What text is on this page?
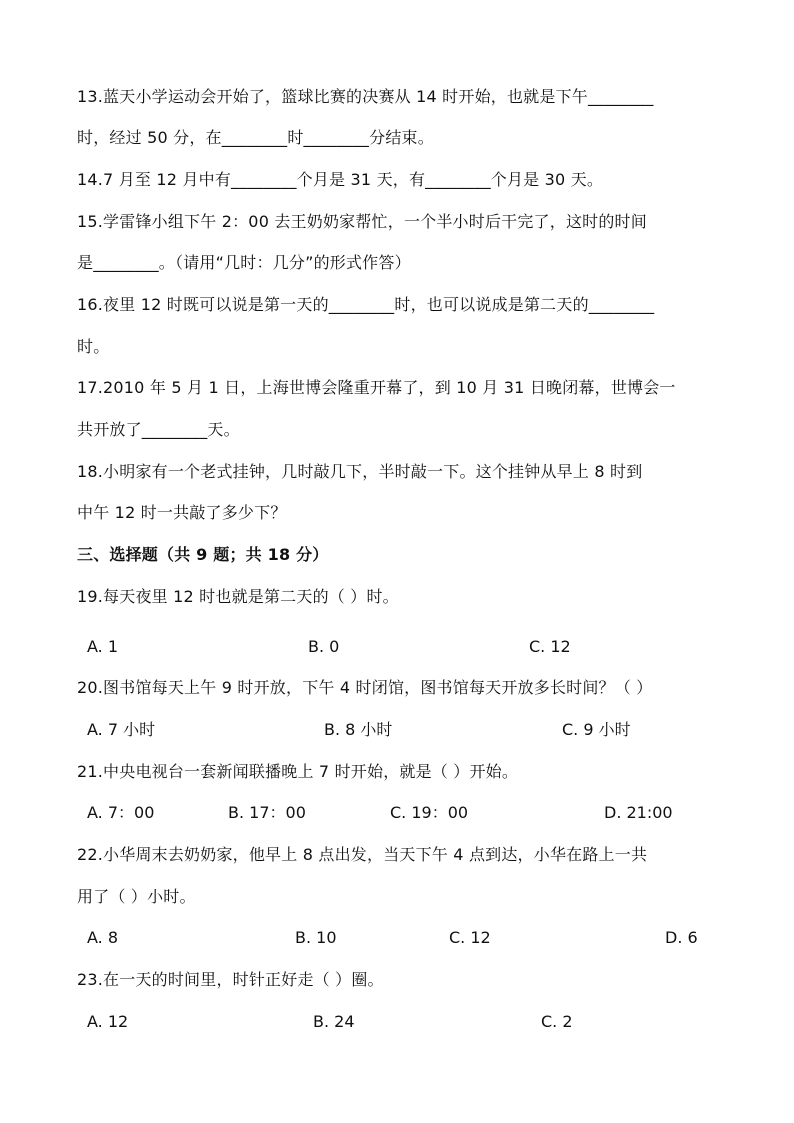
13.蓝天小学运动会开始了，篮球比赛的决赛从 14 时开始，也就是下午________
时，经过 50 分，在________时________分结束。
14.7 月至 12 月中有________个月是 31 天，有________个月是 30 天。
15.学雷锋小组下午 2：00 去王奶奶家帮忙，一个半小时后干完了，这时的时间
是________。（请用“几时：几分”的形式作答）
16.夜里 12 时既可以说是第一天的________时，也可以说成是第二天的________
时。
17.2010 年 5 月 1 日，上海世博会隆重开幕了，到 10 月 31 日晚闭幕，世博会一
共开放了________天。
18.小明家有一个老式挂钟，几时敲几下，半时敲一下。这个挂钟从早上 8 时到
中午 12 时一共敲了多少下？
三、选择题（共 9 题；共 18 分）
19.每天夜里 12 时也就是第二天的（ ）时。
A. 1	B. 0	C. 12
20.图书馆每天上午 9 时开放，下午 4 时闭馆，图书馆每天开放多长时间？（ ）
A. 7 小时	B. 8 小时	C. 9 小时
21.中央电视台一套新闻联播晚上 7 时开始，就是（ ）开始。
A. 7：00	B. 17：00	C. 19：00	D. 21:00
22.小华周末去奶奶家，他早上 8 点出发，当天下午 4 点到达，小华在路上一共
用了（ ）小时。
A. 8	B. 10	C. 12	D. 6
23.在一天的时间里，时针正好走（ ）圈。
A. 12	B. 24	C. 2
